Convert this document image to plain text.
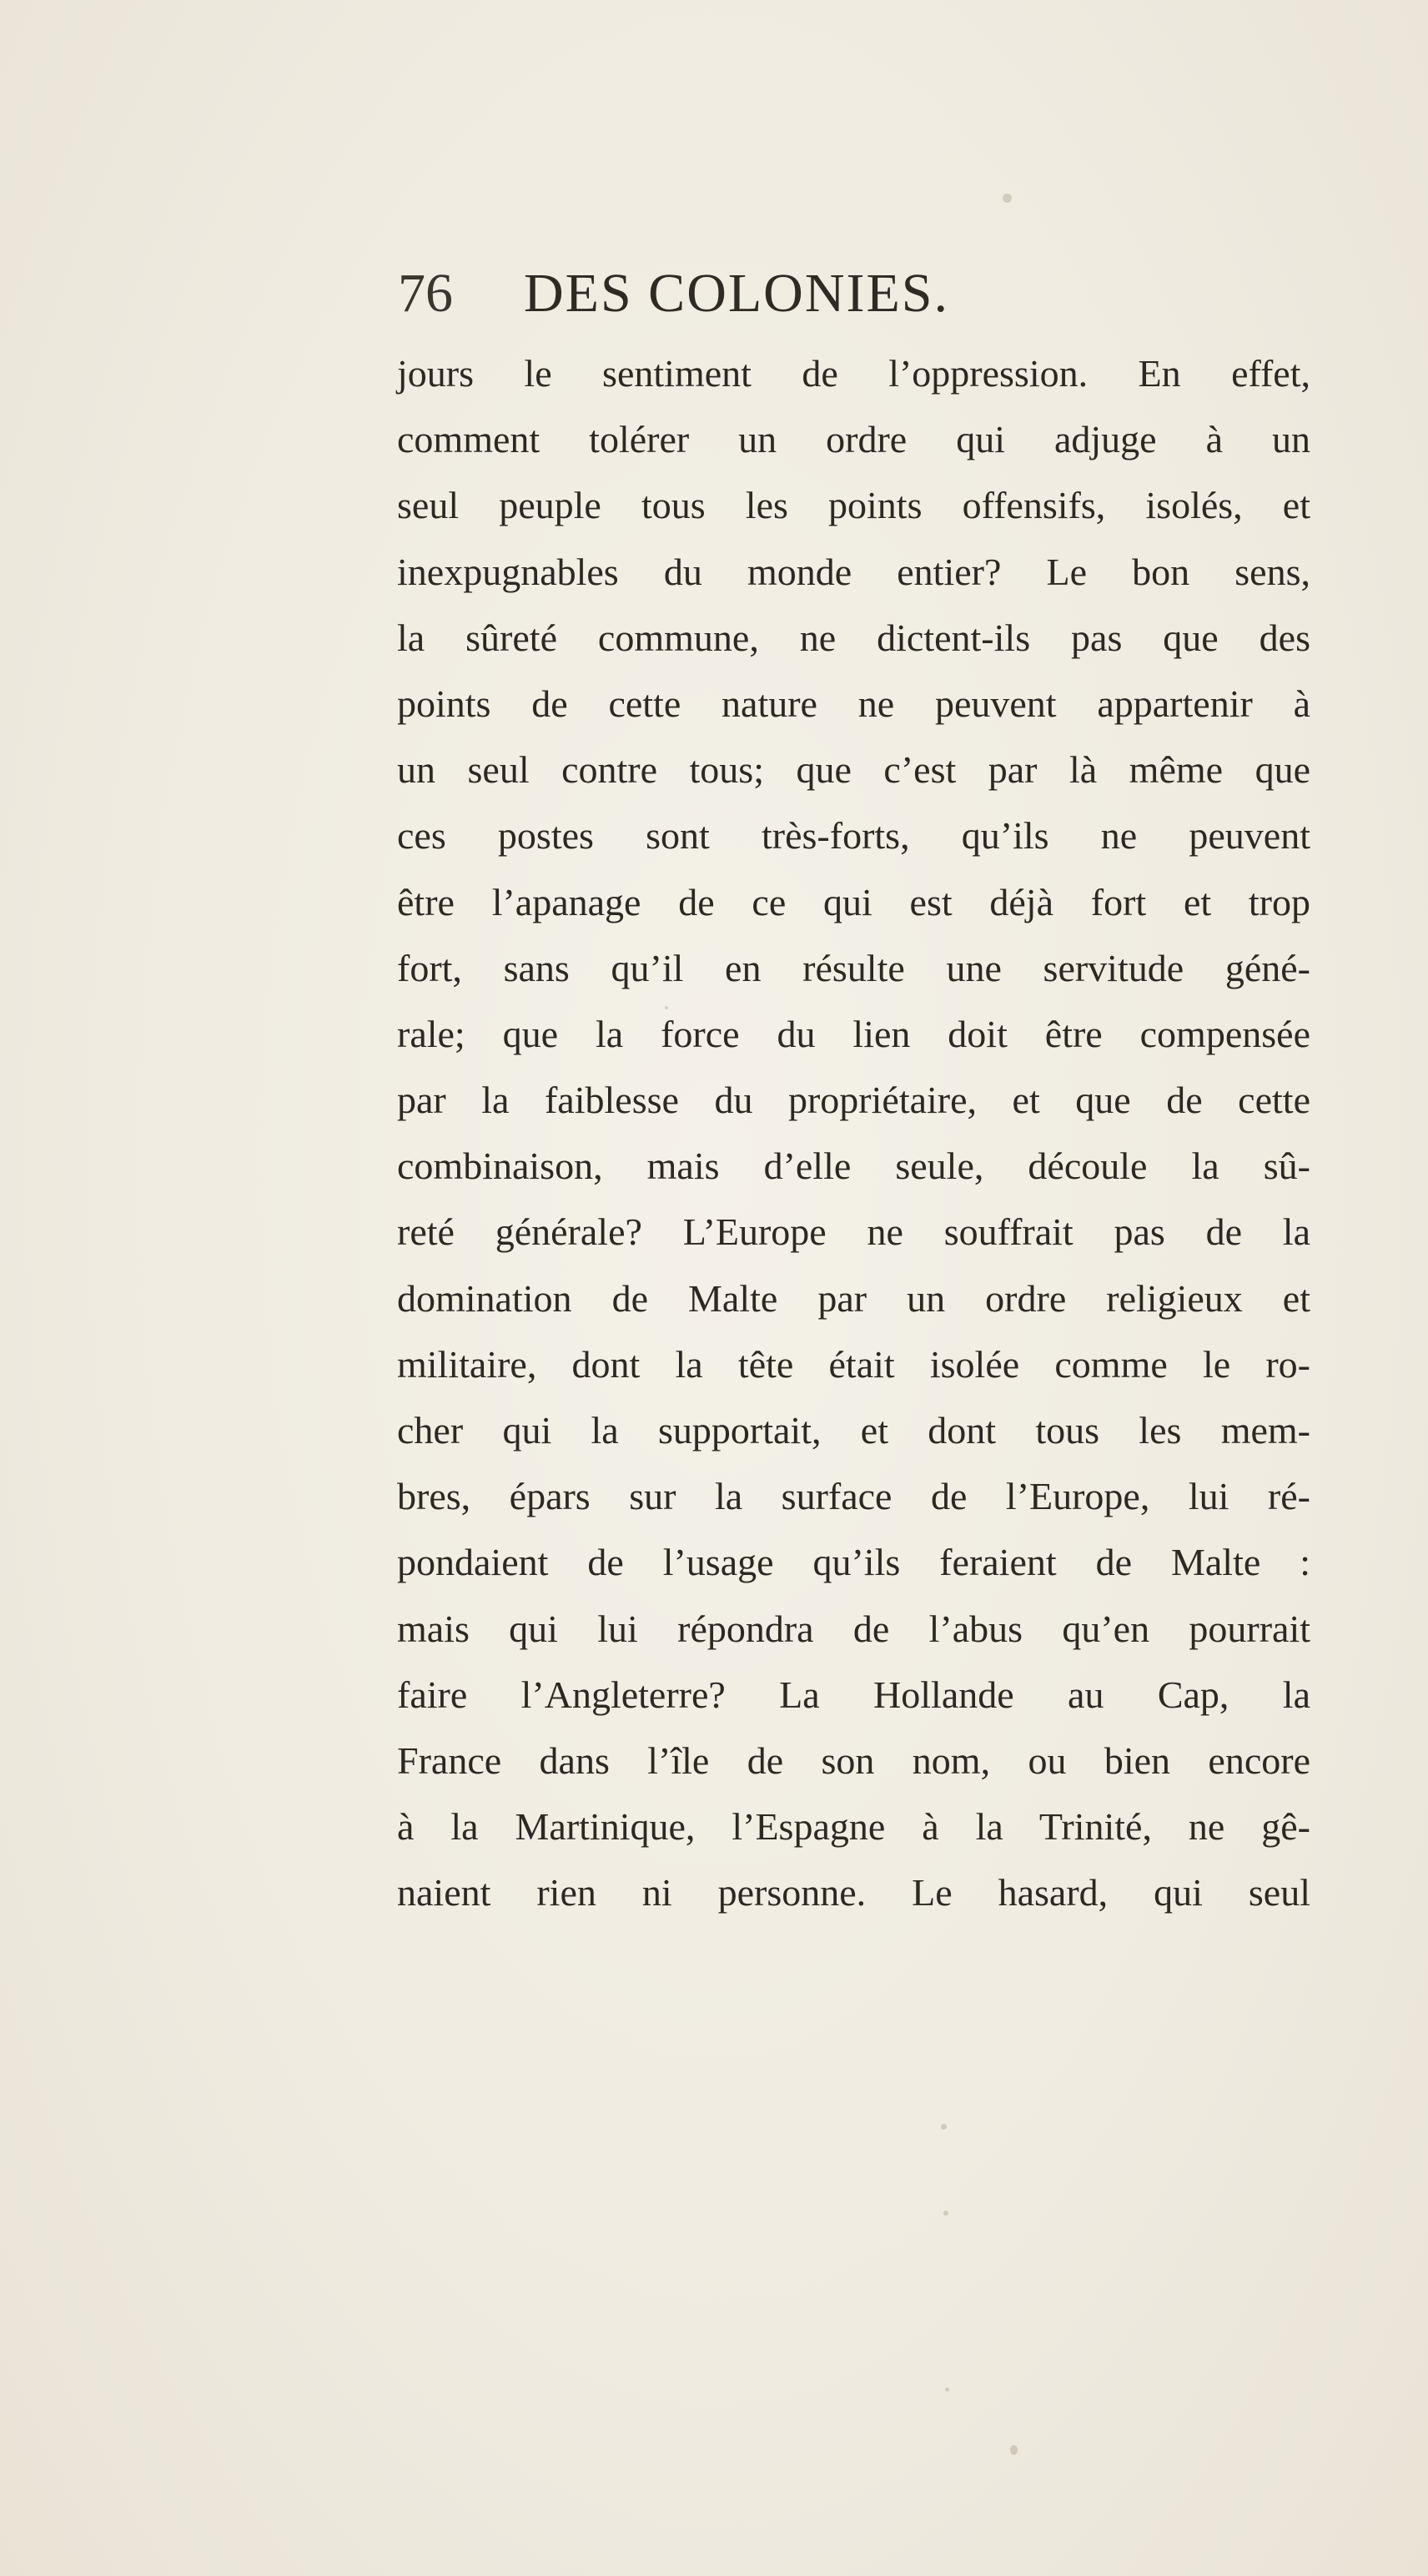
76 DES COLONIES.
jours le sentiment de l’oppression. En effet,
comment tolérer un ordre qui adjuge à un
seul peuple tous les points offensifs, isolés, et
inexpugnables du monde entier? Le bon sens,
la sûreté commune, ne dictent-ils pas que des
points de cette nature ne peuvent appartenir à
un seul contre tous; que c’est par là même que
ces postes sont très-forts, qu’ils ne peuvent
être l’apanage de ce qui est déjà fort et trop
fort, sans qu’il en résulte une servitude géné-
rale; que la force du lien doit être compensée
par la faiblesse du propriétaire, et que de cette
combinaison, mais d’elle seule, découle la sû-
reté générale? L’Europe ne souffrait pas de la
domination de Malte par un ordre religieux et
militaire, dont la tête était isolée comme le ro-
cher qui la supportait, et dont tous les mem-
bres, épars sur la surface de l’Europe, lui ré-
pondaient de l’usage qu’ils feraient de Malte :
mais qui lui répondra de l’abus qu’en pourrait
faire l’Angleterre? La Hollande au Cap, la
France dans l’île de son nom, ou bien encore
à la Martinique, l’Espagne à la Trinité, ne gê-
naient rien ni personne. Le hasard, qui seul
